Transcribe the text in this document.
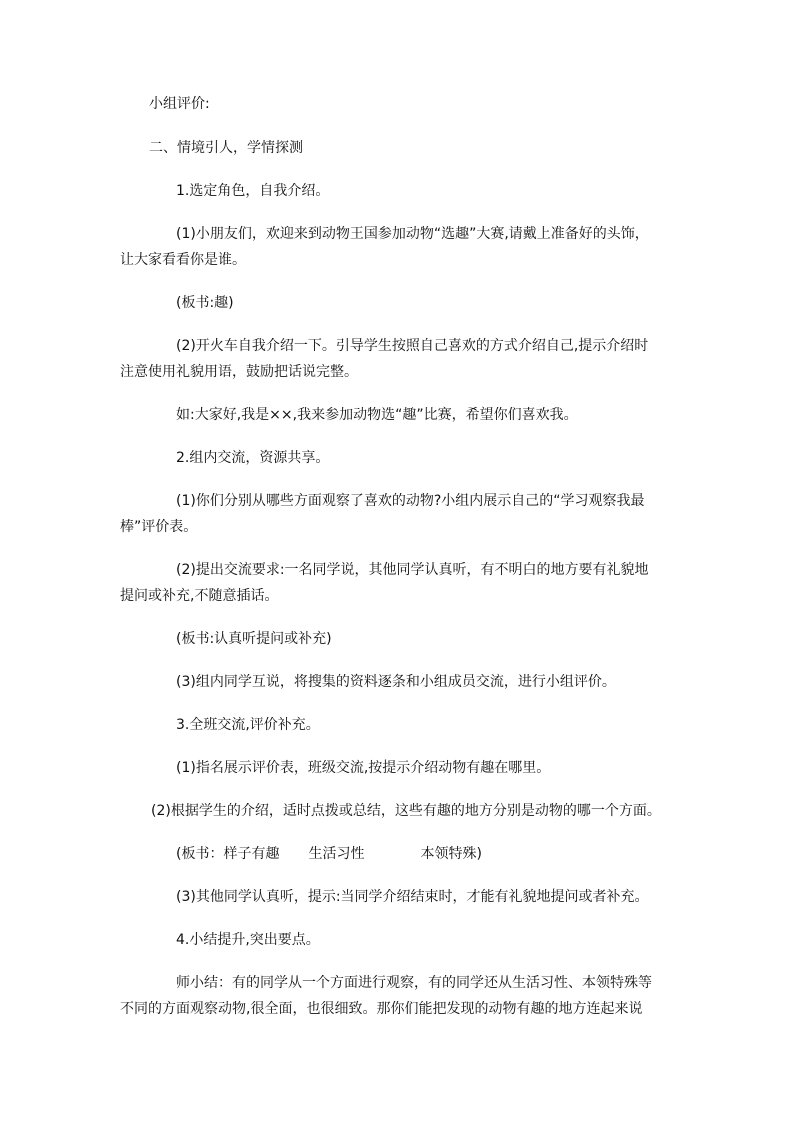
小组评价:
二、情境引人，学情探测
1.选定角色，自我介绍。
(1)小朋友们，欢迎来到动物王国参加动物“选趣”大赛,请戴上准备好的头饰，
让大家看看你是谁。
(板书:趣)
(2)开火车自我介绍一下。引导学生按照自己喜欢的方式介绍自己,提示介绍时
注意使用礼貌用语，鼓励把话说完整。
如:大家好,我是××,我来参加动物选“趣”比赛，希望你们喜欢我。
2.组内交流，资源共享。
(1)你们分别从哪些方面观察了喜欢的动物?小组内展示自己的“学习观察我最
棒”评价表。
(2)提出交流要求:一名同学说，其他同学认真听，有不明白的地方要有礼貌地
提问或补充,不随意插话。
(板书:认真听提问或补充)
(3)组内同学互说，将搜集的资料逐条和小组成员交流，进行小组评价。
3.全班交流,评价补充。
(1)指名展示评价表，班级交流,按提示介绍动物有趣在哪里。
(2)根据学生的介绍，适时点拨或总结，这些有趣的地方分别是动物的哪一个方面。
(板书：样子有趣 生活习性	本领特殊)
(3)其他同学认真听，提示:当同学介绍结束时，才能有礼貌地提问或者补充。
4.小结提升,突出要点。
师小结：有的同学从一个方面进行观察，有的同学还从生活习性、本领特殊等
不同的方面观察动物,很全面，也很细致。那你们能把发现的动物有趣的地方连起来说
